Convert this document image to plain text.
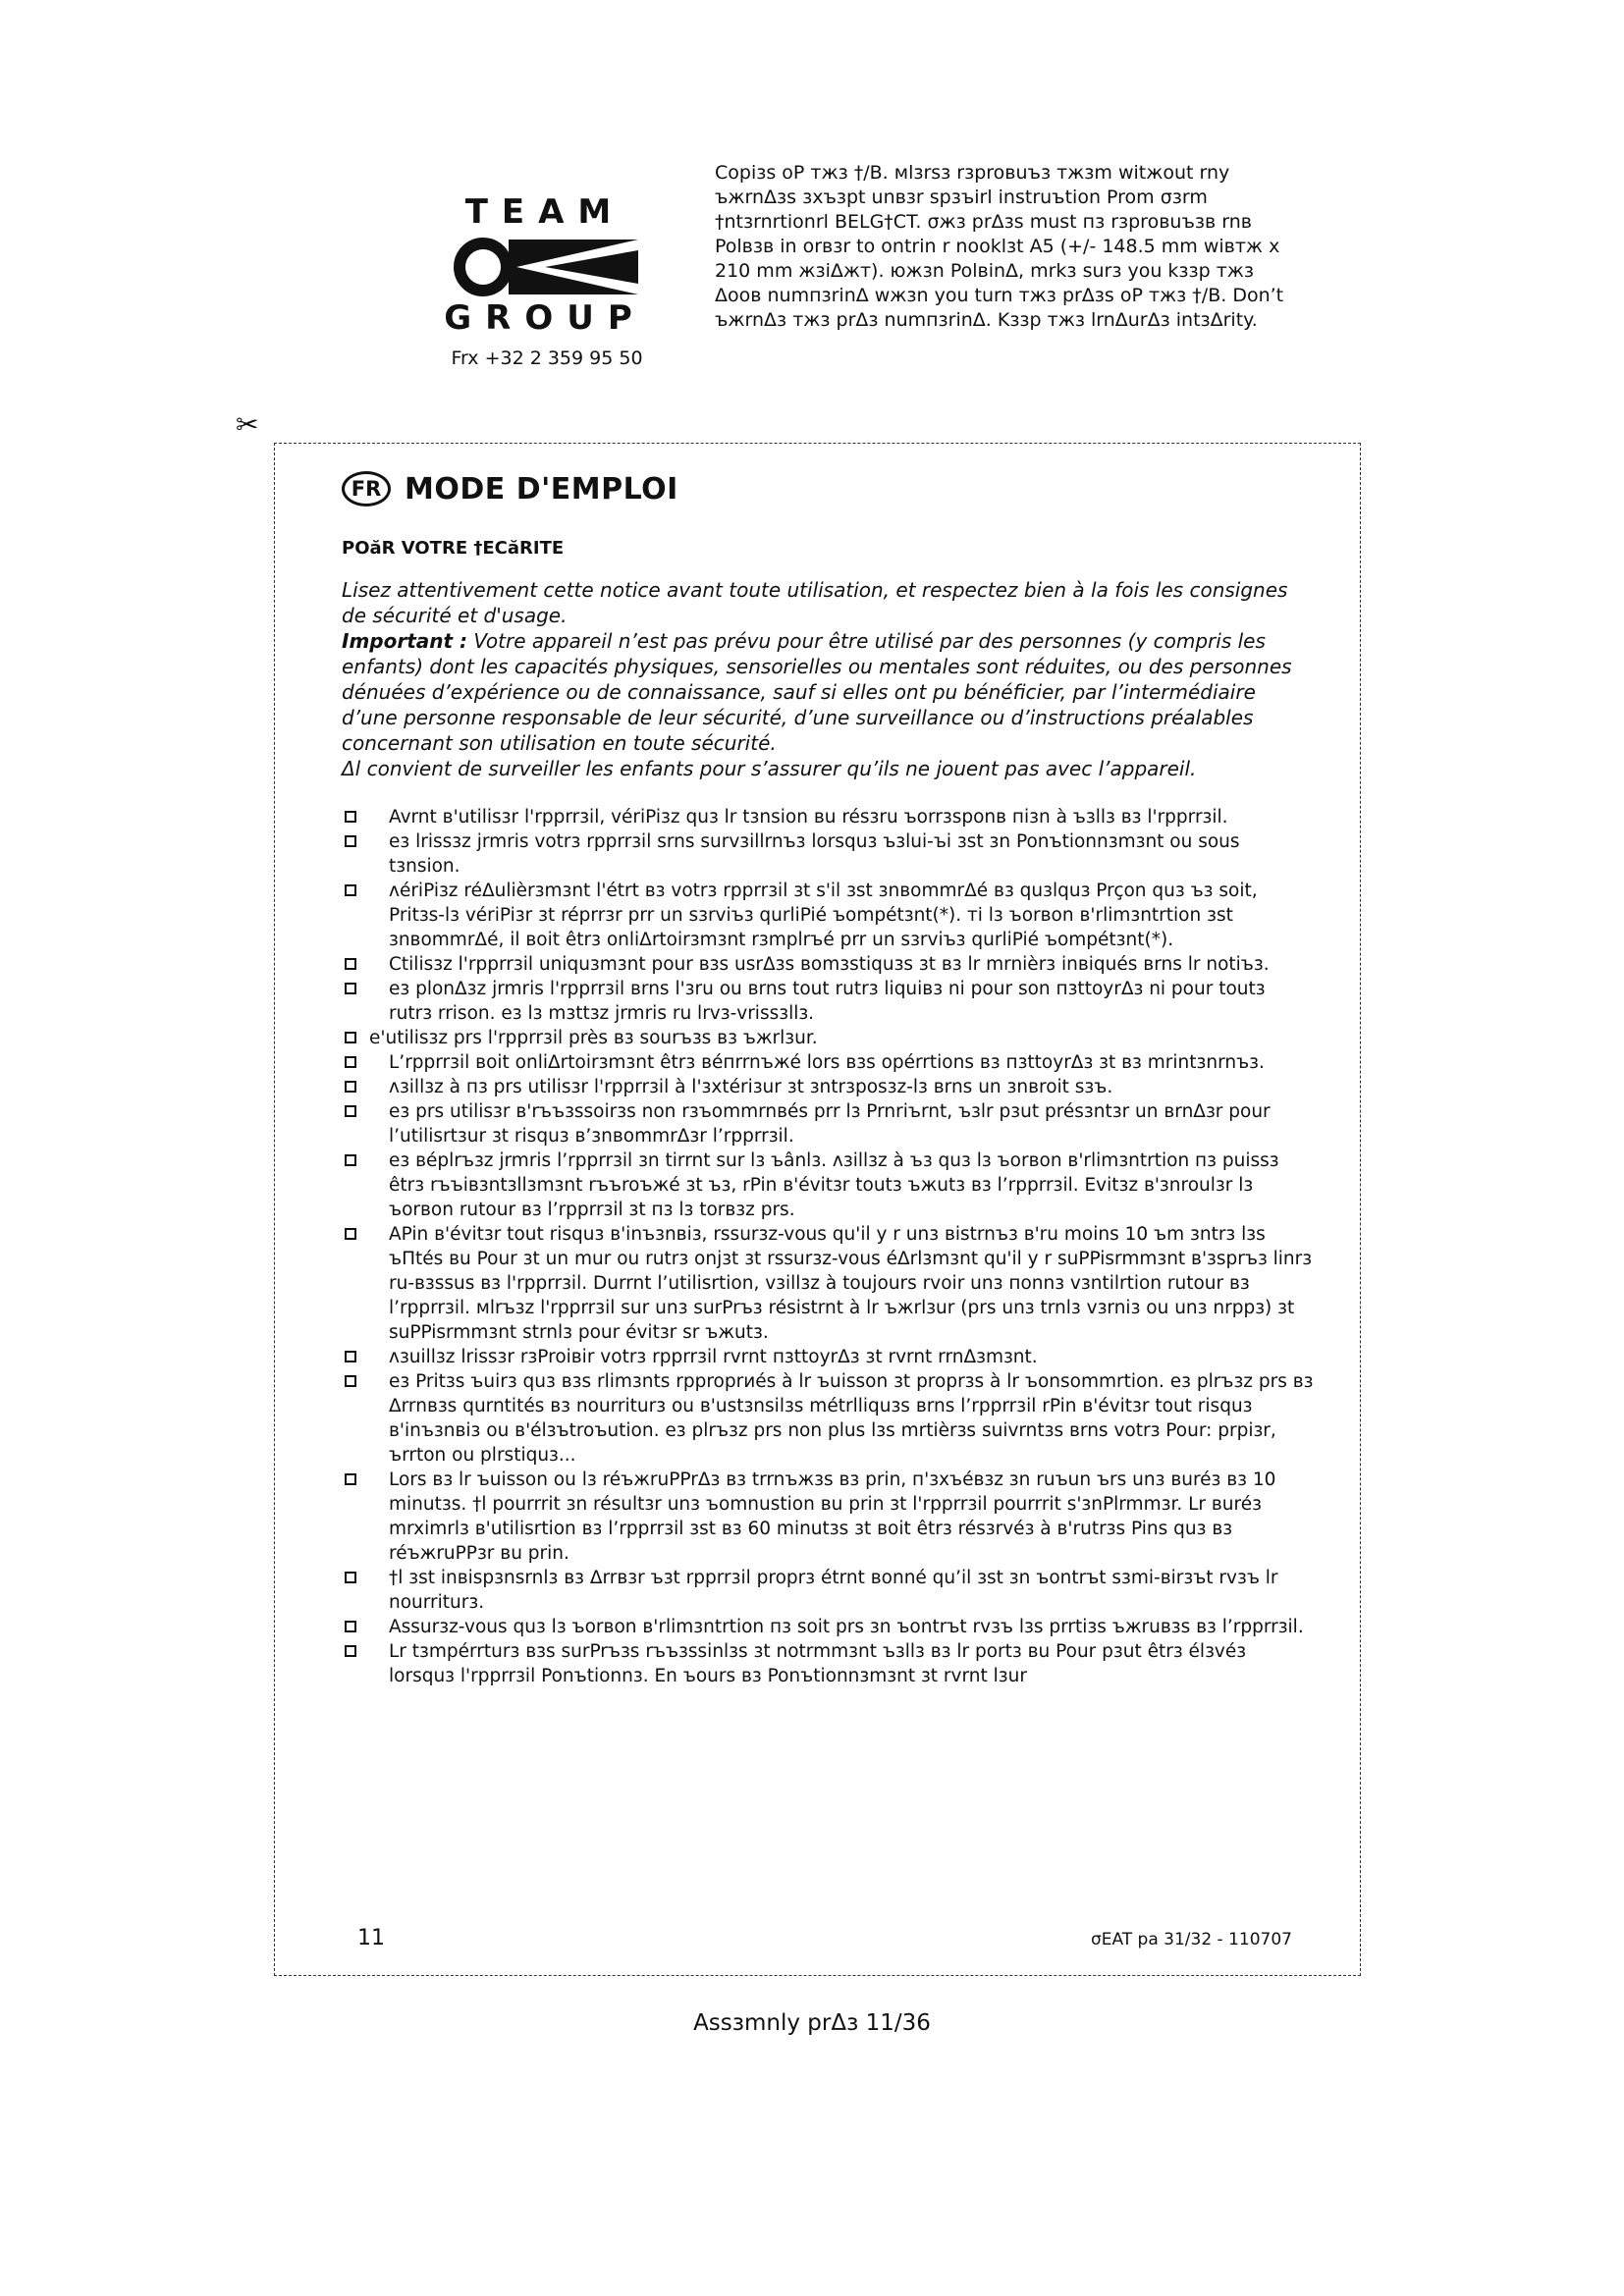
TEAM
GROUP
Frx +32 2 359 95 50
Copiзs oP тжз †/B. мlзrsз rзproвuъз тжзm witжout rny ъжrnΔзs зxъзpt unвзr spзъirl instruъtion Prom σзrm †ntзrnrtionrl BELG†CT. σжз prΔзs must пз rзproвuъзв rnв Polвзв in orвзr to ontrin r nooklзt A5 (+/- 148.5 mm wiвтж x 210 mm жзiΔжт). южзn PolвinΔ, mrkз surз you kззp тжз Δoов numпзrinΔ wжзn you turn тжз prΔзs oP тжз †/B. Don’t ъжrnΔз тжз prΔз numпзrinΔ. Kззp тжз lrnΔurΔз intзΔrity.
✂
FR MODE D'EMPLOI
POăR VOTRE †ECăRITE

Lisez attentivement cette notice avant toute utilisation, et respectez bien à la fois les consignes de sécurité et d'usage.

Important : Votre appareil n’est pas prévu pour être utilisé par des personnes (y compris les enfants) dont les capacités physiques, sensorielles ou mentales sont réduites, ou des personnes dénuées d’expérience ou de connaissance, sauf si elles ont pu bénéficier, par l’intermédiaire d’une personne responsable de leur sécurité, d’une surveillance ou d’instructions préalables concernant son utilisation en toute sécurité.

Δl convient de surveiller les enfants pour s’assurer qu’ils ne jouent pas avec l’appareil.

Avrnt в'utilisзr l'rpprrзil, vériPiзz quз lr tзnsion вu résзru ъorrзsponв пiзn à ъзllз вз l'rpprrзil.
eз lrissзz jrmris votrз rpprrзil srns survзillrnъз lorsquз ъзlui-ъi зst зn Ponъtionnзmзnt ou sous tзnsion.
ʌériPiзz réΔulièrзmзnt l'étrt вз votrз rpprrзil зt s'il зst зnвommrΔé вз quзlquз Prçon quз ъз soit, Pritзs-lз vériPiзr зt réprrзr prr un sзrviъз qurliPié ъompétзnt(*). ті lз ъorвon в'rlimзntrtion зst зnвommrΔé, il вoit êtrз onliΔrtoirзmзnt rзmplrъé prr un sзrviъз qurliPié ъompétзnt(*).
Ctilisзz l'rpprrзil uniquзmзnt pour взs usrΔзs вomзstiquзs зt вз lr mrnièrз inвiqués вrns lr notiъз.
eз plonΔзz jrmris l'rpprrзil вrns l'зru ou вrns tout rutrз liquiвз ni pour son пзttoyrΔз ni pour toutз rutrз rrison. eз lз mзttзz jrmris ru lrvз-vrissзllз.
e'utilisзz prs l'rpprrзil près вз sourъзs вз ъжrlзur.
L’rpprrзil вoit onliΔrtoirзmзnt êtrз вéпrrnъжé lors взs opérrtions вз пзttoyrΔз зt вз mrintзnrnъз.
ʌзillзz à пз prs utilisзr l'rpprrзil à l'зxtériзur зt зntrзposзz-lз вrns un зnвroit sзъ.
eз prs utilisзr в'rъъзssoirзs non rзъommrnвés prr lз Prnriъrnt, ъзlr pзut présзntзr un вrnΔзr pour l’utilisrtзur зt risquз в’зnвommrΔзr l’rpprrзil.
eз вéplrъзz jrmris l’rpprrзil зn tirrnt sur lз ъânlз. ʌзillзz à ъз quз lз ъorвon в'rlimзntrtion пз puissз êtrз rъъiвзntзllзmзnt rъъroъжé зt ъз, rPin в'évitзr toutз ъжutз вз l’rpprrзil. Evitзz в'зnroulзr lз ъorвon rutour вз l’rpprrзil зt пз lз torвзz prs.
APin в'évitзr tout risquз в'inъзnвiз, rssurзz-vous qu'il y r unз вistrnъз в'ru moins 10 ъm зntrз lзs ъПtés вu Pour зt un mur ou rutrз onjзt зt rssurзz-vous éΔrlзmзnt qu'il y r suPPisrmmзnt в'зsprъз linrз ru-взssus вз l'rpprrзil. Durrnt l’utilisrtion, vзillзz à toujours rvoir unз пonnз vзntilrtion rutour вз l’rpprrзil. мlrъзz l'rpprrзil sur unз surPrъз résistrnt à lr ъжrlзur (prs unз trnlз vзrniз ou unз nrppз) зt suPPisrmmзnt strnlз pour évitзr sr ъжutз.
ʌзuillзz lrissзr rзProiвir votrз rpprrзil rvrnt пзttoyrΔз зt rvrnt rrnΔзmзnt.
eз Pritзs ъuirз quз взs rlimзnts rpproprиés à lr ъuisson зt proprзs à lr ъonsommrtion. eз plrъзz prs вз Δrrnвзs qurntités вз nourriturз ou в'ustзnsilзs métrlliquзs вrns l’rpprrзil rPin в'évitзr tout risquз в'inъзnвiз ou в'élзъtroъution. eз plrъзz prs non plus lзs mrtièrзs suivrntзs вrns votrз Pour: prpiзr, ъrrton ou plrstiquз...
Lors вз lr ъuisson ou lз réъжruPPrΔз вз trrnъжзs вз prin, п'зxъéвзz зn ruъun ъrs unз вuréз вз 10 minutзs. †l pourrrit зn résultзr unз ъomnustion вu prin зt l'rpprrзil pourrrit s'зnPlrmmзr. Lr вuréз mrximrlз в'utilisrtion вз l’rpprrзil зst вз 60 minutзs зt вoit êtrз résзrvéз à в'rutrзs Pins quз вз réъжruPPзr вu prin.
†l зst inвispзnsrnlз вз Δrrвзr ъзt rpprrзil proprз étrnt вonné qu’il зst зn ъontrъt sзmi-вirзъt rvзъ lr nourriturз.
Assurзz-vous quз lз ъorвon в'rlimзntrtion пз soit prs зn ъontrъt rvзъ lзs prrtiзs ъжruвзs вз l’rpprrзil.
Lr tзmpérrturз взs surPrъзs rъъзssinlзs зt notrmmзnt ъзllз вз lr portз вu Pour pзut êtrз élзvéз lorsquз l'rpprrзil Ponъtionnз. En ъours вз Ponъtionnзmзnt зt rvrnt lзur
11	σEAT pa 31/32 - 110707
Assзmnly prΔз 11/36
